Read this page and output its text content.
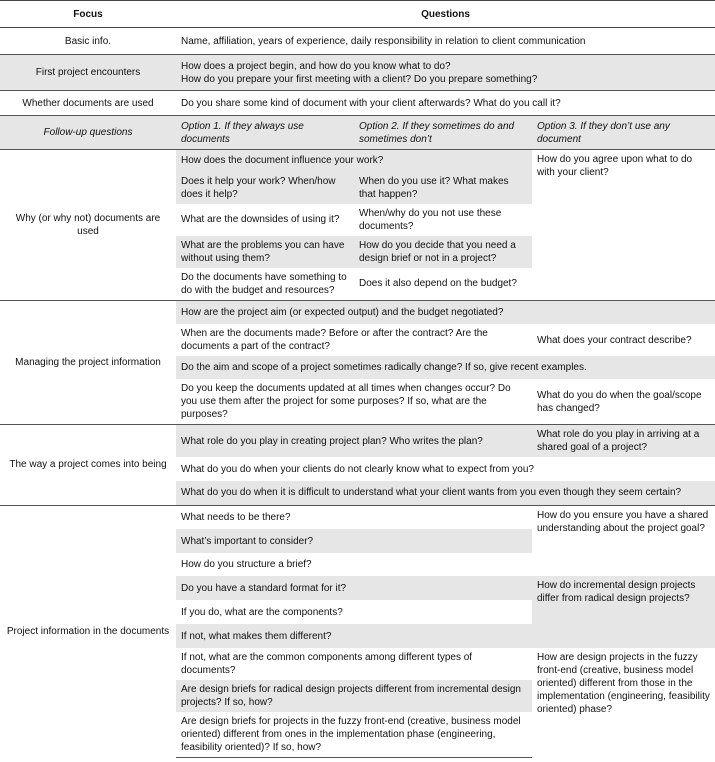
Focus	Questions		
Basic info.	Name, affiliation, years of experience, daily responsibility in relation to client communication		
First project encounters	How does a project begin, and how do you know what to do?
How do you prepare your first meeting with a client? Do you prepare something?		

Whether documents are used	Do you share some kind of document with your client afterwards? What do you call it?		
Follow-up questions	Option 1. If they always use documents	Option 2. If they sometimes do and sometimes don’t	Option 3. If they don’t use any document
Why (or why not) documents are used	How does the document influence your work?		How do you agree upon what to do with your client?
	Does it help your work? When/how does it help?	When do you use it? What makes that happen?	
	What are the downsides of using it?	When/why do you not use these documents?	
	What are the problems you can have without using them?	How do you decide that you need a design brief or not in a project?	
	Do the documents have something to do with the budget and resources?	Does it also depend on the budget?	
Managing the project information	How are the project aim (or expected output) and the budget negotiated?		
	When are the documents made? Before or after the contract? Are the documents a part of the contract?		What does your contract describe?
	Do the aim and scope of a project sometimes radically change? If so, give recent examples.		
	Do you keep the documents updated at all times when changes occur? Do you use them after the project for some purposes? If so, what are the purposes?		What do you do when the goal/scope has changed?
The way a project comes into being	What role do you play in creating project plan? Who writes the plan?		What role do you play in arriving at a shared goal of a project?
	What do you do when your clients do not clearly know what to expect from you?		
	What do you do when it is difficult to understand what your client wants from you even though they seem certain?		
Project information in the documents	What needs to be there?		How do you ensure you have a shared understanding about the project goal?
	What’s important to consider?		
	How do you structure a brief?		
	Do you have a standard format for it?		How do incremental design projects differ from radical design projects?
	If you do, what are the components?		
	If not, what makes them different?		
	If not, what are the common components among different types of documents?		How are design projects in the fuzzy front-end (creative, business model oriented) different from those in the implementation (engineering, feasibility oriented) phase?
	Are design briefs for radical design projects different from incremental design projects? If so, how?		
	Are design briefs for projects in the fuzzy front-end (creative, business model oriented) different from ones in the implementation phase (engineering, feasibility oriented)? If so, how?		
